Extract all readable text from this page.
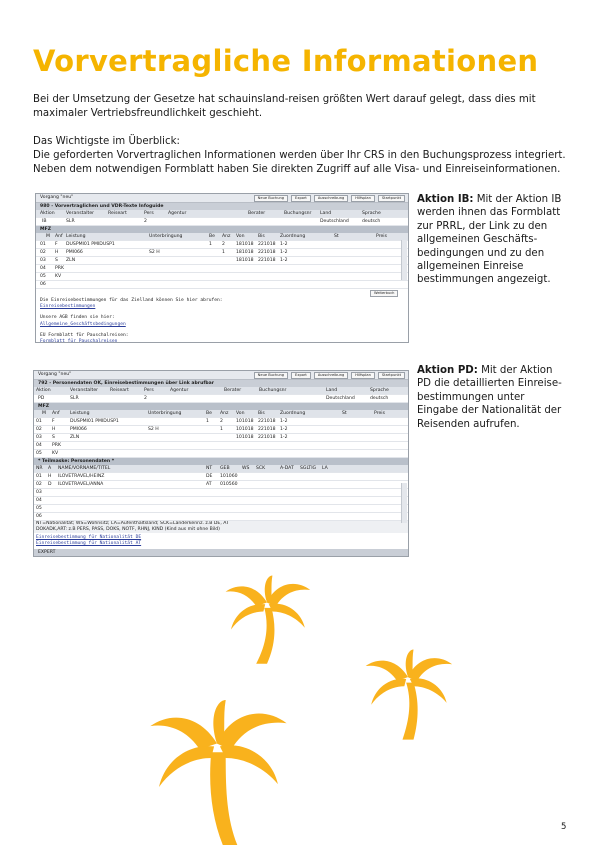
Vorvertragliche Informationen

Bei der Umsetzung der Gesetze hat schauinsland-reisen größten Wert darauf gelegt, dass dies mit maximaler Vertriebsfreundlichkeit geschieht.

Das Wichtigste im Überblick:

Die geforderten Vorvertraglichen Informationen werden über Ihr CRS in den Buchungsprozess integriert.

Neben dem notwendigen Formblatt haben Sie direkten Zugriff auf alle Visa- und Einreiseinformationen.

Vorgang "neu"	Neue Buchung	Export	Ausschreibung	Hilfsplan	Startpunkt
980 - Vorvertraglichen und VDR-Texte Infoguide
Aktion Veranstalter	Reiseart	Pers	Agentur	Berater	Buchungsnr Land	Sprache
IB	SLR	2	Deutschland	deutsch
MFZ
M Anf Leistung	Unterbringung	Be Anz Von	Bis	Zuordnung	St	Preis
01 F DUSPMI01 PMIDUSP1	1 2 181018 221018 1-2
02 H PMI066	S2 H	1 181018 221018 1-2
03 S ZLN	181018 221018 1-2
04 PRK
05 KV
06
Weiterbuch
Die Einreisebestimmungen für das Zielland können Sie hier abrufen:
Einreisebestimmungen
Unsere AGB finden sie hier:
Allgemeine_Geschäftsbedingungen
EU Formblatt für Pauschalreisen:
Formblatt für Pauschalreisen
Aktion IB: Mit der Aktion IB werden ihnen das Formblatt zur PRRL, der Link zu den allgemeinen Geschäftsbedingungen und zu den allgemeinen Einreise bestimmungen angezeigt.
Vorgang "neu"	Neue Buchung	Export	Ausschreibung	Hilfsplan	Startpunkt
792 - Personendaten OK, Einreisebestimmungen über Link abrufbar
Aktion	Veranstalter	Reiseart	Pers	Agentur	Berater	Buchungsnr	Land	Sprache
PD	SLR	2	Deutschland	deutsch
MFZ
M Anf Leistung	Unterbringung	Be Anz Von	Bis	Zuordnung	St	Preis
01 F	DUSPMI01 PMIDUSP1	1 2	101018 221018 1-2
02 H	PMI066	S2 H	1	101018 221018 1-2
03 S	ZLN	101018 221018 1-2
04 PRK
05 KV
* Teilmaske: Personendaten *
NR A NAME/VORNAME/TITEL	NT GEB	WS SCK	A-DAT SGLTIG LA
01 H ILOVETRAVEL/HEINZ	DE 101060
02 D ILOVETRAVEL/ANNA	AT 010560
03
04
05
06
NT=Nationalität; WS=Wohnsitz; LA=Aufenthaltsland; SCK=Länderkennz. z.B DE, AT
DOKADK,ART: z.B PERS, PASS, DOKS, NOTF, RHNJ, KIND (Kind aus mit ohne Bild)
Einreisebestimmung für Nationalität DE
Einreisebestimmung für Nationalität AT
EXPERT
Aktion PD: Mit der Aktion PD die detaillierten Einreisebestimmungen unter Eingabe der Nationalität der Reisenden aufrufen.
5
